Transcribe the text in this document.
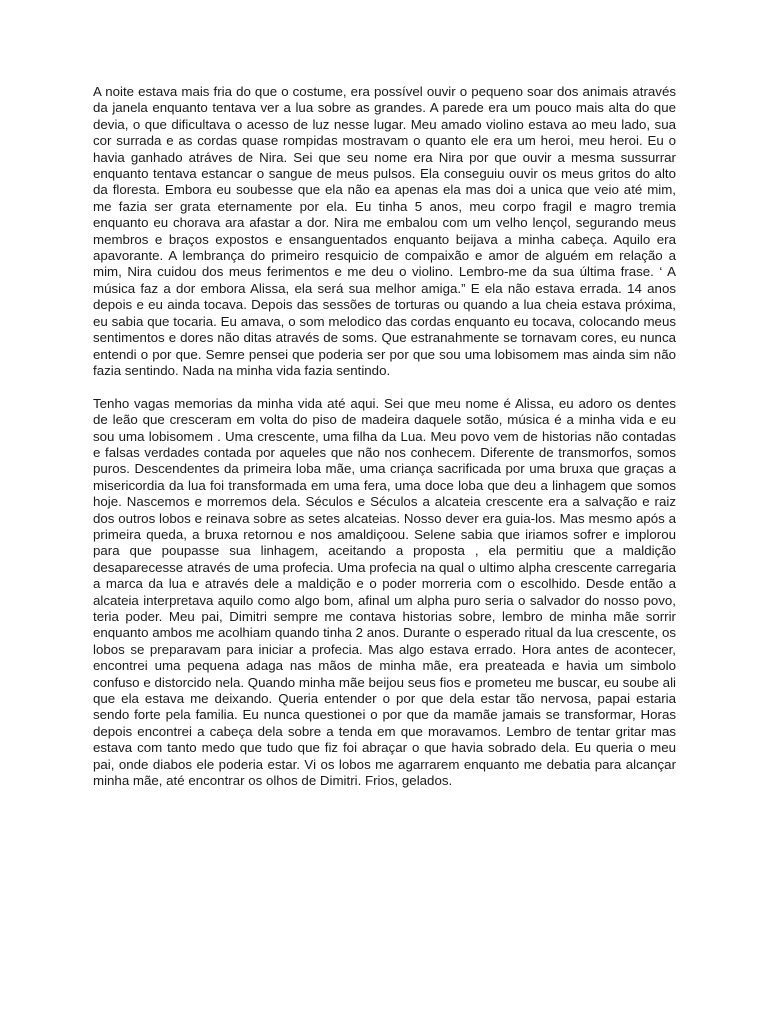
A noite estava mais fria do que o costume, era possível ouvir o pequeno soar dos animais através da janela enquanto tentava ver a lua sobre as grandes. A parede era um pouco mais alta do que devia, o que dificultava o acesso de luz nesse lugar. Meu amado violino estava ao meu lado, sua cor surrada e as cordas quase rompidas mostravam o quanto ele era um heroi, meu heroi. Eu o havia ganhado atráves de Nira. Sei que seu nome era Nira por que ouvir a mesma sussurrar enquanto tentava estancar o sangue de meus pulsos. Ela conseguiu ouvir os meus gritos do alto da floresta. Embora eu soubesse que ela não ea apenas ela mas doi a unica que veio até mim, me fazia ser grata eternamente por ela. Eu tinha 5 anos, meu corpo fragil e magro tremia enquanto eu chorava ara afastar a dor. Nira me embalou com um velho lençol, segurando meus membros e braços expostos e ensanguentados enquanto beijava a minha cabeça. Aquilo era apavorante. A lembrança do primeiro resquicio de compaixão e amor de alguém em relação a mim, Nira cuidou dos meus ferimentos e me deu o violino. Lembro-me da sua última frase. ‘ A música faz a dor embora Alissa, ela será sua melhor amiga.” E ela não estava errada. 14 anos depois e eu ainda tocava. Depois das sessões de torturas ou quando a lua cheia estava próxima, eu sabia que tocaria. Eu amava, o som melodico das cordas enquanto eu tocava, colocando meus sentimentos e dores não ditas através de soms. Que estranahmente se tornavam cores, eu nunca entendi o por que. Semre pensei que poderia ser por que sou uma lobisomem mas ainda sim não fazia sentindo. Nada na minha vida fazia sentindo.

Tenho vagas memorias da minha vida até aqui. Sei que meu nome é Alissa, eu adoro os dentes de leão que cresceram em volta do piso de madeira daquele sotão, música é a minha vida e eu sou uma lobisomem . Uma crescente, uma filha da Lua. Meu povo vem de historias não contadas e falsas verdades contada por aqueles que não nos conhecem. Diferente de transmorfos, somos puros. Descendentes da primeira loba mãe, uma criança sacrificada por uma bruxa que graças a misericordia da lua foi transformada em uma fera, uma doce loba que deu a linhagem que somos hoje. Nascemos e morremos dela. Séculos e Séculos a alcateia crescente era a salvação e raiz dos outros lobos e reinava sobre as setes alcateias. Nosso dever era guia-los. Mas mesmo após a primeira queda, a bruxa retornou e nos amaldiçoou. Selene sabia que iriamos sofrer e implorou para que poupasse sua linhagem, aceitando a proposta , ela permitiu que a maldição desaparecesse através de uma profecia. Uma profecia na qual o ultimo alpha crescente carregaria a marca da lua e através dele a maldição e o poder morreria com o escolhido. Desde então a alcateia interpretava aquilo como algo bom, afinal um alpha puro seria o salvador do nosso povo, teria poder. Meu pai, Dimitri sempre me contava historias sobre, lembro de minha mãe sorrir enquanto ambos me acolhiam quando tinha 2 anos. Durante o esperado ritual da lua crescente, os lobos se preparavam para iniciar a profecia. Mas algo estava errado. Hora antes de acontecer, encontrei uma pequena adaga nas mãos de minha mãe, era preateada e havia um simbolo confuso e distorcido nela. Quando minha mãe beijou seus fios e prometeu me buscar, eu soube ali que ela estava me deixando. Queria entender o por que dela estar tão nervosa, papai estaria sendo forte pela familia. Eu nunca questionei o por que da mamãe jamais se transformar, Horas depois encontrei a cabeça dela sobre a tenda em que moravamos. Lembro de tentar gritar mas estava com tanto medo que tudo que fiz foi abraçar o que havia sobrado dela. Eu queria o meu pai, onde diabos ele poderia estar. Vi os lobos me agarrarem enquanto me debatia para alcançar minha mãe, até encontrar os olhos de Dimitri. Frios, gelados.
